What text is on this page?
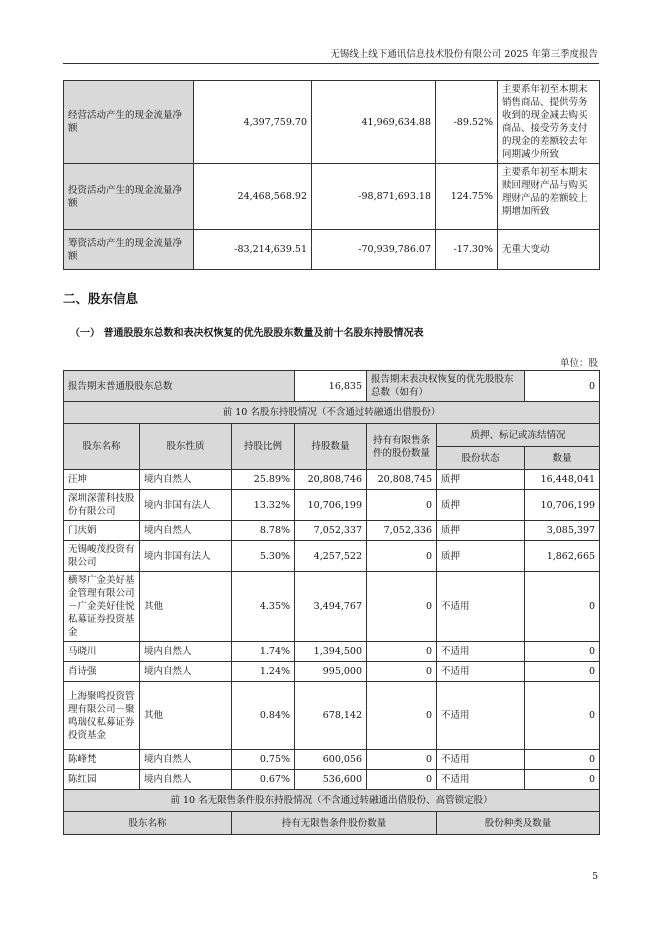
无锡线上线下通讯信息技术股份有限公司 2025 年第三季度报告
经营活动产生的现金流量净额	4,397,759.70	41,969,634.88	-89.52%	主要系年初至本期末销售商品、提供劳务收到的现金减去购买商品、接受劳务支付的现金的差额较去年同期减少所致
投资活动产生的现金流量净额	24,468,568.92	-98,871,693.18	124.75%	主要系年初至本期末赎回理财产品与购买理财产品的差额较上期增加所致
筹资活动产生的现金流量净额	-83,214,639.51	-70,939,786.07	-17.30%	无重大变动
二、股东信息
（一） 普通股股东总数和表决权恢复的优先股股东数量及前十名股东持股情况表
单位：股
报告期末普通股股东总数			16,835	报告期末表决权恢复的优先股股东总数（如有）		0
前 10 名股东持股情况（不含通过转融通出借股份）						
股东名称	股东性质	持股比例	持股数量	持有有限售条件的股份数量	质押、标记或冻结情况	
					股份状态	数量
汪坤	境内自然人	25.89%	20,808,746	20,808,745	质押	16,448,041
深圳深蕾科技股份有限公司	境内非国有法人	13.32%	10,706,199	0	质押	10,706,199
门庆娟	境内自然人	8.78%	7,052,337	7,052,336	质押	3,085,397
无锡峻茂投资有限公司	境内非国有法人	5.30%	4,257,522	0	质押	1,862,665
横琴广金美好基金管理有限公司－广金美好佳悦私募证券投资基金	其他	4.35%	3,494,767	0	不适用	0
马晓川	境内自然人	1.74%	1,394,500	0	不适用	0
肖诗强	境内自然人	1.24%	995,000	0	不适用	0
上海聚鸣投资管理有限公司－聚鸣瑞仪私募证券投资基金	其他	0.84%	678,142	0	不适用	0
陈峰梵	境内自然人	0.75%	600,056	0	不适用	0
陈红园	境内自然人	0.67%	536,600	0	不适用	0
前 10 名无限售条件股东持股情况（不含通过转融通出借股份、高管锁定股）						
股东名称		持有无限售条件股份数量			股份种类及数量	
5
